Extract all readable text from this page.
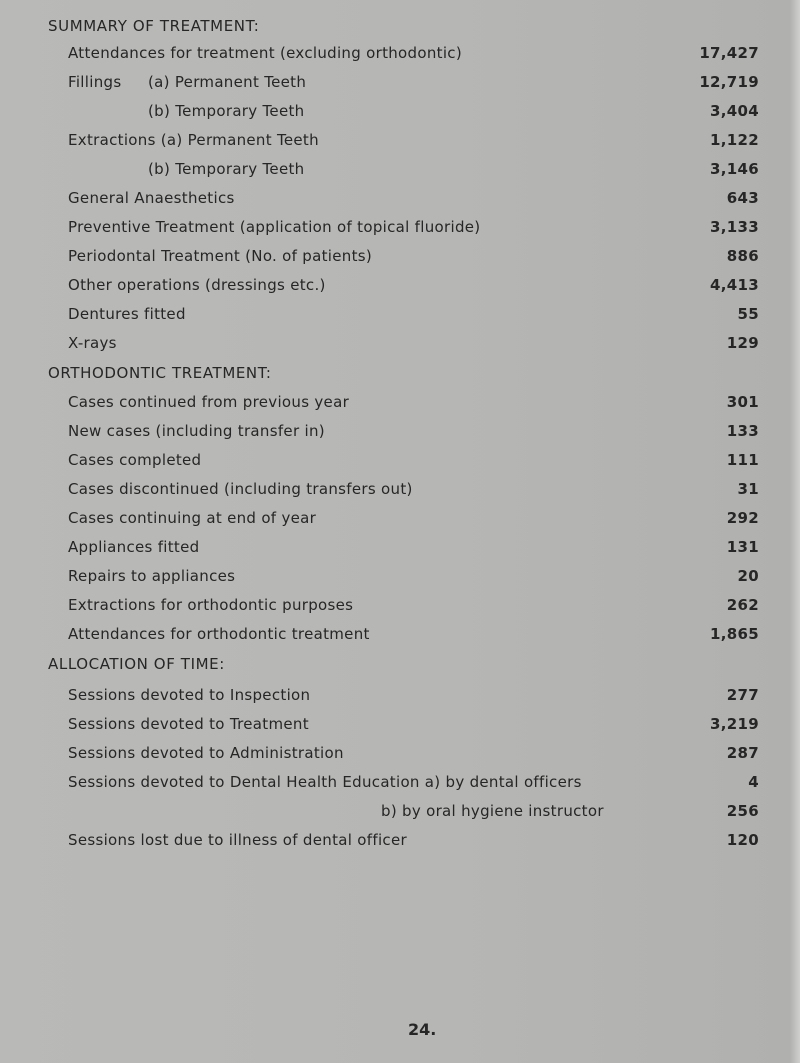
SUMMARY OF TREATMENT:
Attendances for treatment (excluding orthodontic)	17,427
Fillings (a) Permanent Teeth	12,719
(b) Temporary Teeth	3,404
Extractions (a) Permanent Teeth	1,122
(b) Temporary Teeth	3,146
General Anaesthetics	643
Preventive Treatment (application of topical fluoride)	3,133
Periodontal Treatment (No. of patients)	886
Other operations (dressings etc.)	4,413
Dentures fitted	55
X-rays	129
ORTHODONTIC TREATMENT:
Cases continued from previous year	301
New cases (including transfer in)	133
Cases completed	111
Cases discontinued (including transfers out)	31
Cases continuing at end of year	292
Appliances fitted	131
Repairs to appliances	20
Extractions for orthodontic purposes	262
Attendances for orthodontic treatment	1,865
ALLOCATION OF TIME:
Sessions devoted to Inspection	277
Sessions devoted to Treatment	3,219
Sessions devoted to Administration	287
Sessions devoted to Dental Health Education a) by dental officers	4
b) by oral hygiene instructor	256
Sessions lost due to illness of dental officer	120
24.
